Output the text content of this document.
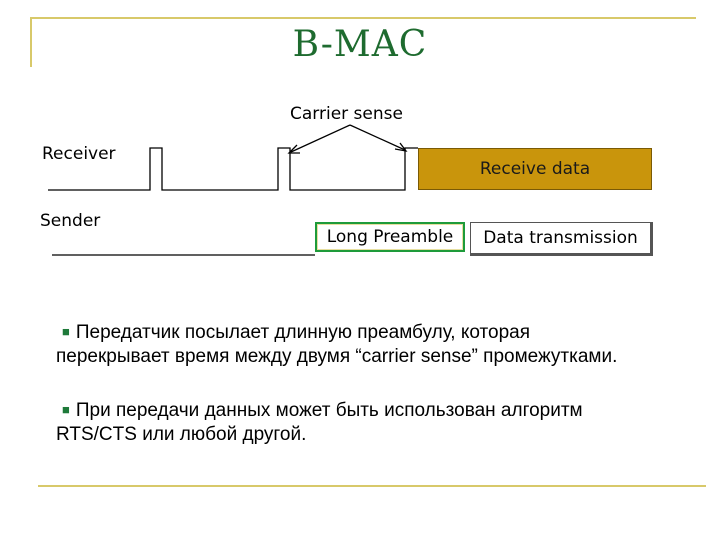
B-MAC
Carrier sense
Receiver
Sender
Receive data
Long Preamble	Data transmission
■ Передатчик посылает длинную преамбулу, которая
перекрывает время между двумя “carrier sense” промежутками.
■ При передачи данных может быть использован алгоритм
RTS/CTS или любой другой.
